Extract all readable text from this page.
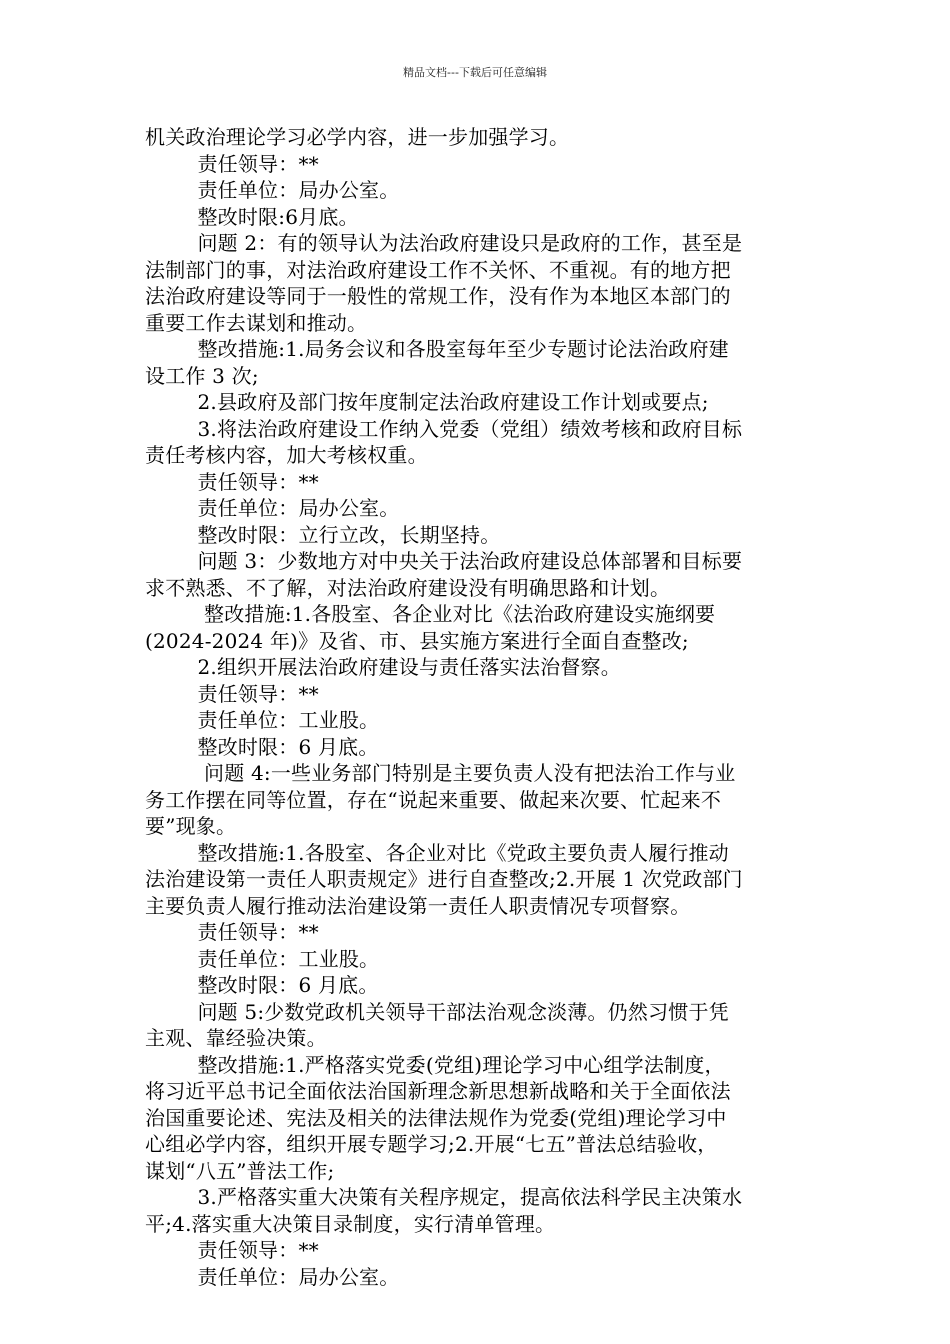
精品文档---下载后可任意编辑
机关政治理论学习必学内容，进一步加强学习。
责任领导：**
责任单位：局办公室。
整改时限:6月底。
问题 2：有的领导认为法治政府建设只是政府的工作，甚至是
法制部门的事，对法治政府建设工作不关怀、不重视。有的地方把
法治政府建设等同于一般性的常规工作，没有作为本地区本部门的
重要工作去谋划和推动。
整改措施:1.局务会议和各股室每年至少专题讨论法治政府建
设工作 3 次;
2.县政府及部门按年度制定法治政府建设工作计划或要点;
3.将法治政府建设工作纳入党委（党组）绩效考核和政府目标
责任考核内容，加大考核权重。
责任领导：**
责任单位：局办公室。
整改时限：立行立改，长期坚持。
问题 3：少数地方对中央关于法治政府建设总体部署和目标要
求不熟悉、不了解，对法治政府建设没有明确思路和计划。
整改措施:1.各股室、各企业对比《法治政府建设实施纲要
(2024-2024 年)》及省、市、县实施方案进行全面自查整改;
2.组织开展法治政府建设与责任落实法治督察。
责任领导：**
责任单位：工业股。
整改时限：6 月底。
问题 4:一些业务部门特别是主要负责人没有把法治工作与业
务工作摆在同等位置，存在“说起来重要、做起来次要、忙起来不
要”现象。
整改措施:1.各股室、各企业对比《党政主要负责人履行推动
法治建设第一责任人职责规定》进行自查整改;2.开展 1 次党政部门
主要负责人履行推动法治建设第一责任人职责情况专项督察。
责任领导：**
责任单位：工业股。
整改时限：6 月底。
问题 5:少数党政机关领导干部法治观念淡薄。仍然习惯于凭
主观、靠经验决策。
整改措施:1.严格落实党委(党组)理论学习中心组学法制度，
将习近平总书记全面依法治国新理念新思想新战略和关于全面依法
治国重要论述、宪法及相关的法律法规作为党委(党组)理论学习中
心组必学内容，组织开展专题学习;2.开展“七五”普法总结验收，
谋划“八五”普法工作;
3.严格落实重大决策有关程序规定，提高依法科学民主决策水
平;4.落实重大决策目录制度，实行清单管理。
责任领导：**
责任单位：局办公室。
